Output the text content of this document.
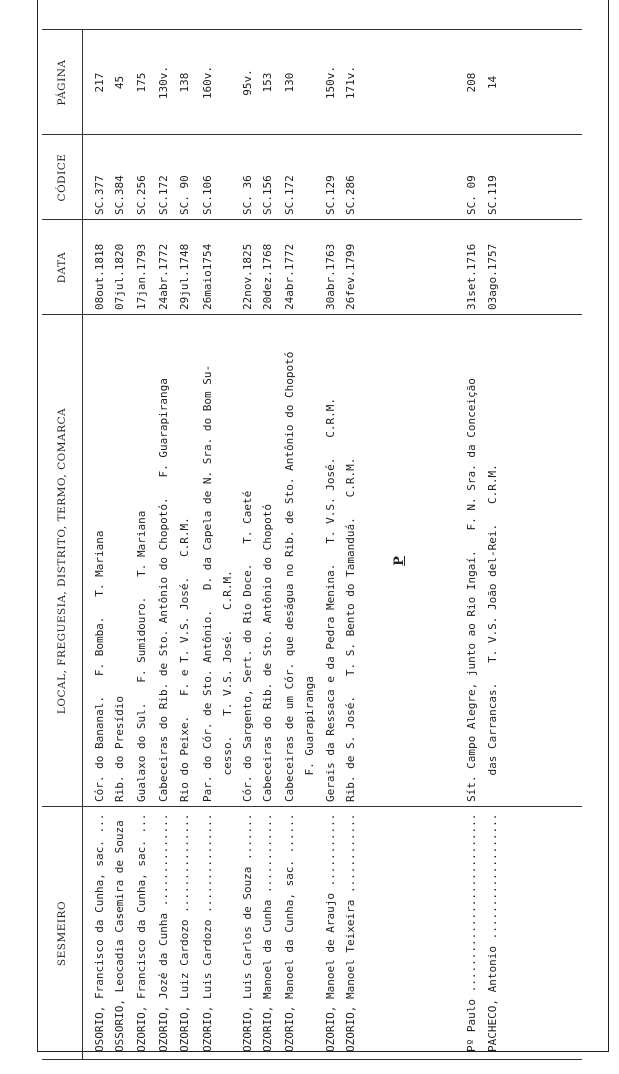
SESMEIRO
LOCAL, FREGUESIA, DISTRITO, TERMO, COMARCA
DATA
CÓDICE
PÁGINA
OSORIO, Francisco da Cunha, sac. ...
Cór. do Bananal.   F. Bomba.   T. Mariana
08out.1818
SC.377
217
OSSORIO, Leocadia Casemira de Souza
Rib. do Presídio
07jul.1820
SC.384
45
OZORIO, Francisco da Cunha, sac. ...
Gualaxo do Sul.   F. Sumidouro.   T. Mariana
17jan.1793
SC.256
175
OZORIO, Jozé da Cunha ..............
Cabeceiras do Rib. de Sto. Antônio do Chopotó.   F. Guarapiranga
24abr.1772
SC.172
130v.
OZORIO, Luiz Cardozo ...............
Rio do Peixe.   F. e T. V.S. José.   C.R.M.
29jul.1748
SC. 90
138
OZORIO, Luis Cardozo ...............
Par. do Cór. de Sto. Antônio.   D. da Capela de N. Sra. do Bom Su-
cesso.   T. V.S. José.   C.R.M.
26maio1754
SC.106
160v.
OZORIO, Luis Carlos de Souza .......
Cór. do Sargento, Sert. do Rio Doce.   T. Caeté
22nov.1825
SC. 36
95v.
OZORIO, Manoel da Cunha ............
Cabeceiras do Rib. de Sto. Antônio do Chopotó
20dez.1768
SC.156
153
OZORIO, Manoel da Cunha, sac. ......
Cabeceiras de um Cór. que deságua no Rib. de Sto. Antônio do Chopotó
F. Guarapiranga
24abr.1772
SC.172
130
OZORIO, Manoel de Araujo ...........
Gerais da Ressaca e da Pedra Menina.   T. V.S. José.   C.R.M.
30abr.1763
SC.129
150v.
OZORIO, Manoel Teixeira ............
Rib. de S. José.   T. S. Bento do Tamanduá.   C.R.M.
26fev.1799
SC.286
171v.
Pº Paulo ...........................
Sít. Campo Alegre, junto ao Rio Ingaí.   F. N. Sra. da Conceição
31set.1716
SC. 09
208
PACHECO, Antonio ...................
das Carrancas.   T. V.S. João del-Rei.   C.R.M.
03ago.1757
SC.119
14
P
